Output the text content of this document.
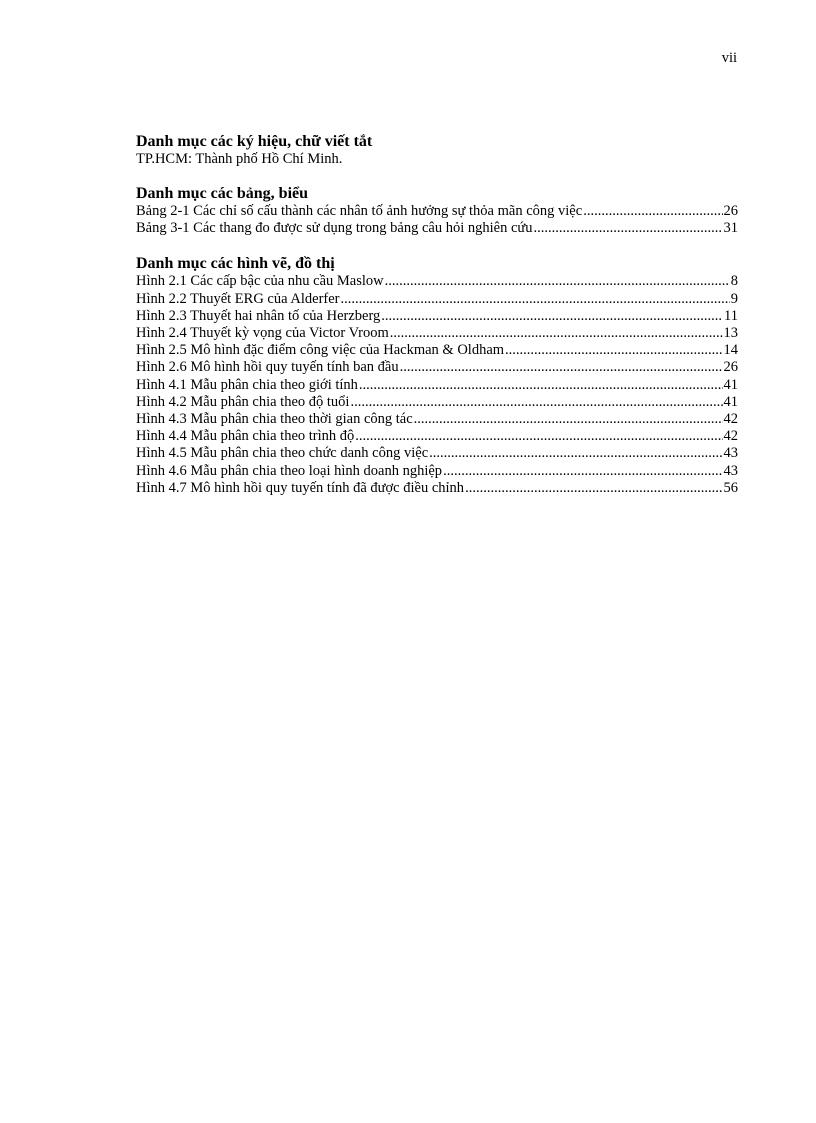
vii
Danh mục các ký hiệu, chữ viết tắt
TP.HCM: Thành phố Hồ Chí Minh.
Danh mục các bảng, biểu
Bảng 2-1 Các chỉ số cấu thành các nhân tố ảnh hưởng sự thỏa mãn công việc .....	26
Bảng 3-1 Các thang đo được sử dụng trong bảng câu hỏi nghiên cứu .....	31
Danh mục các hình vẽ, đồ thị
Hình 2.1 Các cấp bậc của nhu cầu Maslow .....	8
Hình 2.2 Thuyết ERG của Alderfer .....	9
Hình 2.3 Thuyết hai nhân tố của Herzberg .....	11
Hình 2.4 Thuyết kỳ vọng của Victor Vroom .....	13
Hình 2.5 Mô hình đặc điểm công việc của Hackman & Oldham .....	14
Hình 2.6 Mô hình hồi quy tuyến tính ban đầu .....	26
Hình 4.1 Mẫu phân chia theo giới tính .....	41
Hình 4.2 Mẫu phân chia theo độ tuổi .....	41
Hình 4.3 Mẫu phân chia theo thời gian công tác .....	42
Hình 4.4 Mẫu phân chia theo trình độ .....	42
Hình 4.5 Mẫu phân chia theo chức danh công việc .....	43
Hình 4.6 Mẫu phân chia theo loại hình doanh nghiệp .....	43
Hình 4.7 Mô hình hồi quy tuyến tính đã được điều chỉnh .....	56
